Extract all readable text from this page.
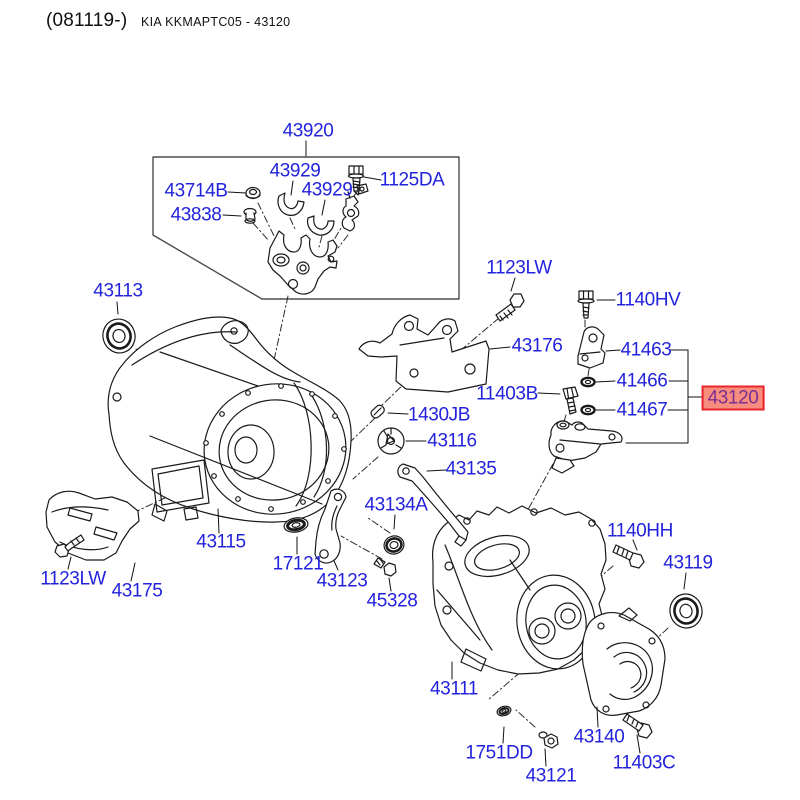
(081119-) KIA KKMAPTC05 - 43120
43920
43929
43929 1125DA
43714B
43838
1123LW
43113	1140HV
43176	41463
41466
11403B
41467
43120
1430JB
43116
43135
43134A
43115
17121
43123
45328
1123LW
43175
1140HH
43119
43111
1751DD
43121
43140
11403C
